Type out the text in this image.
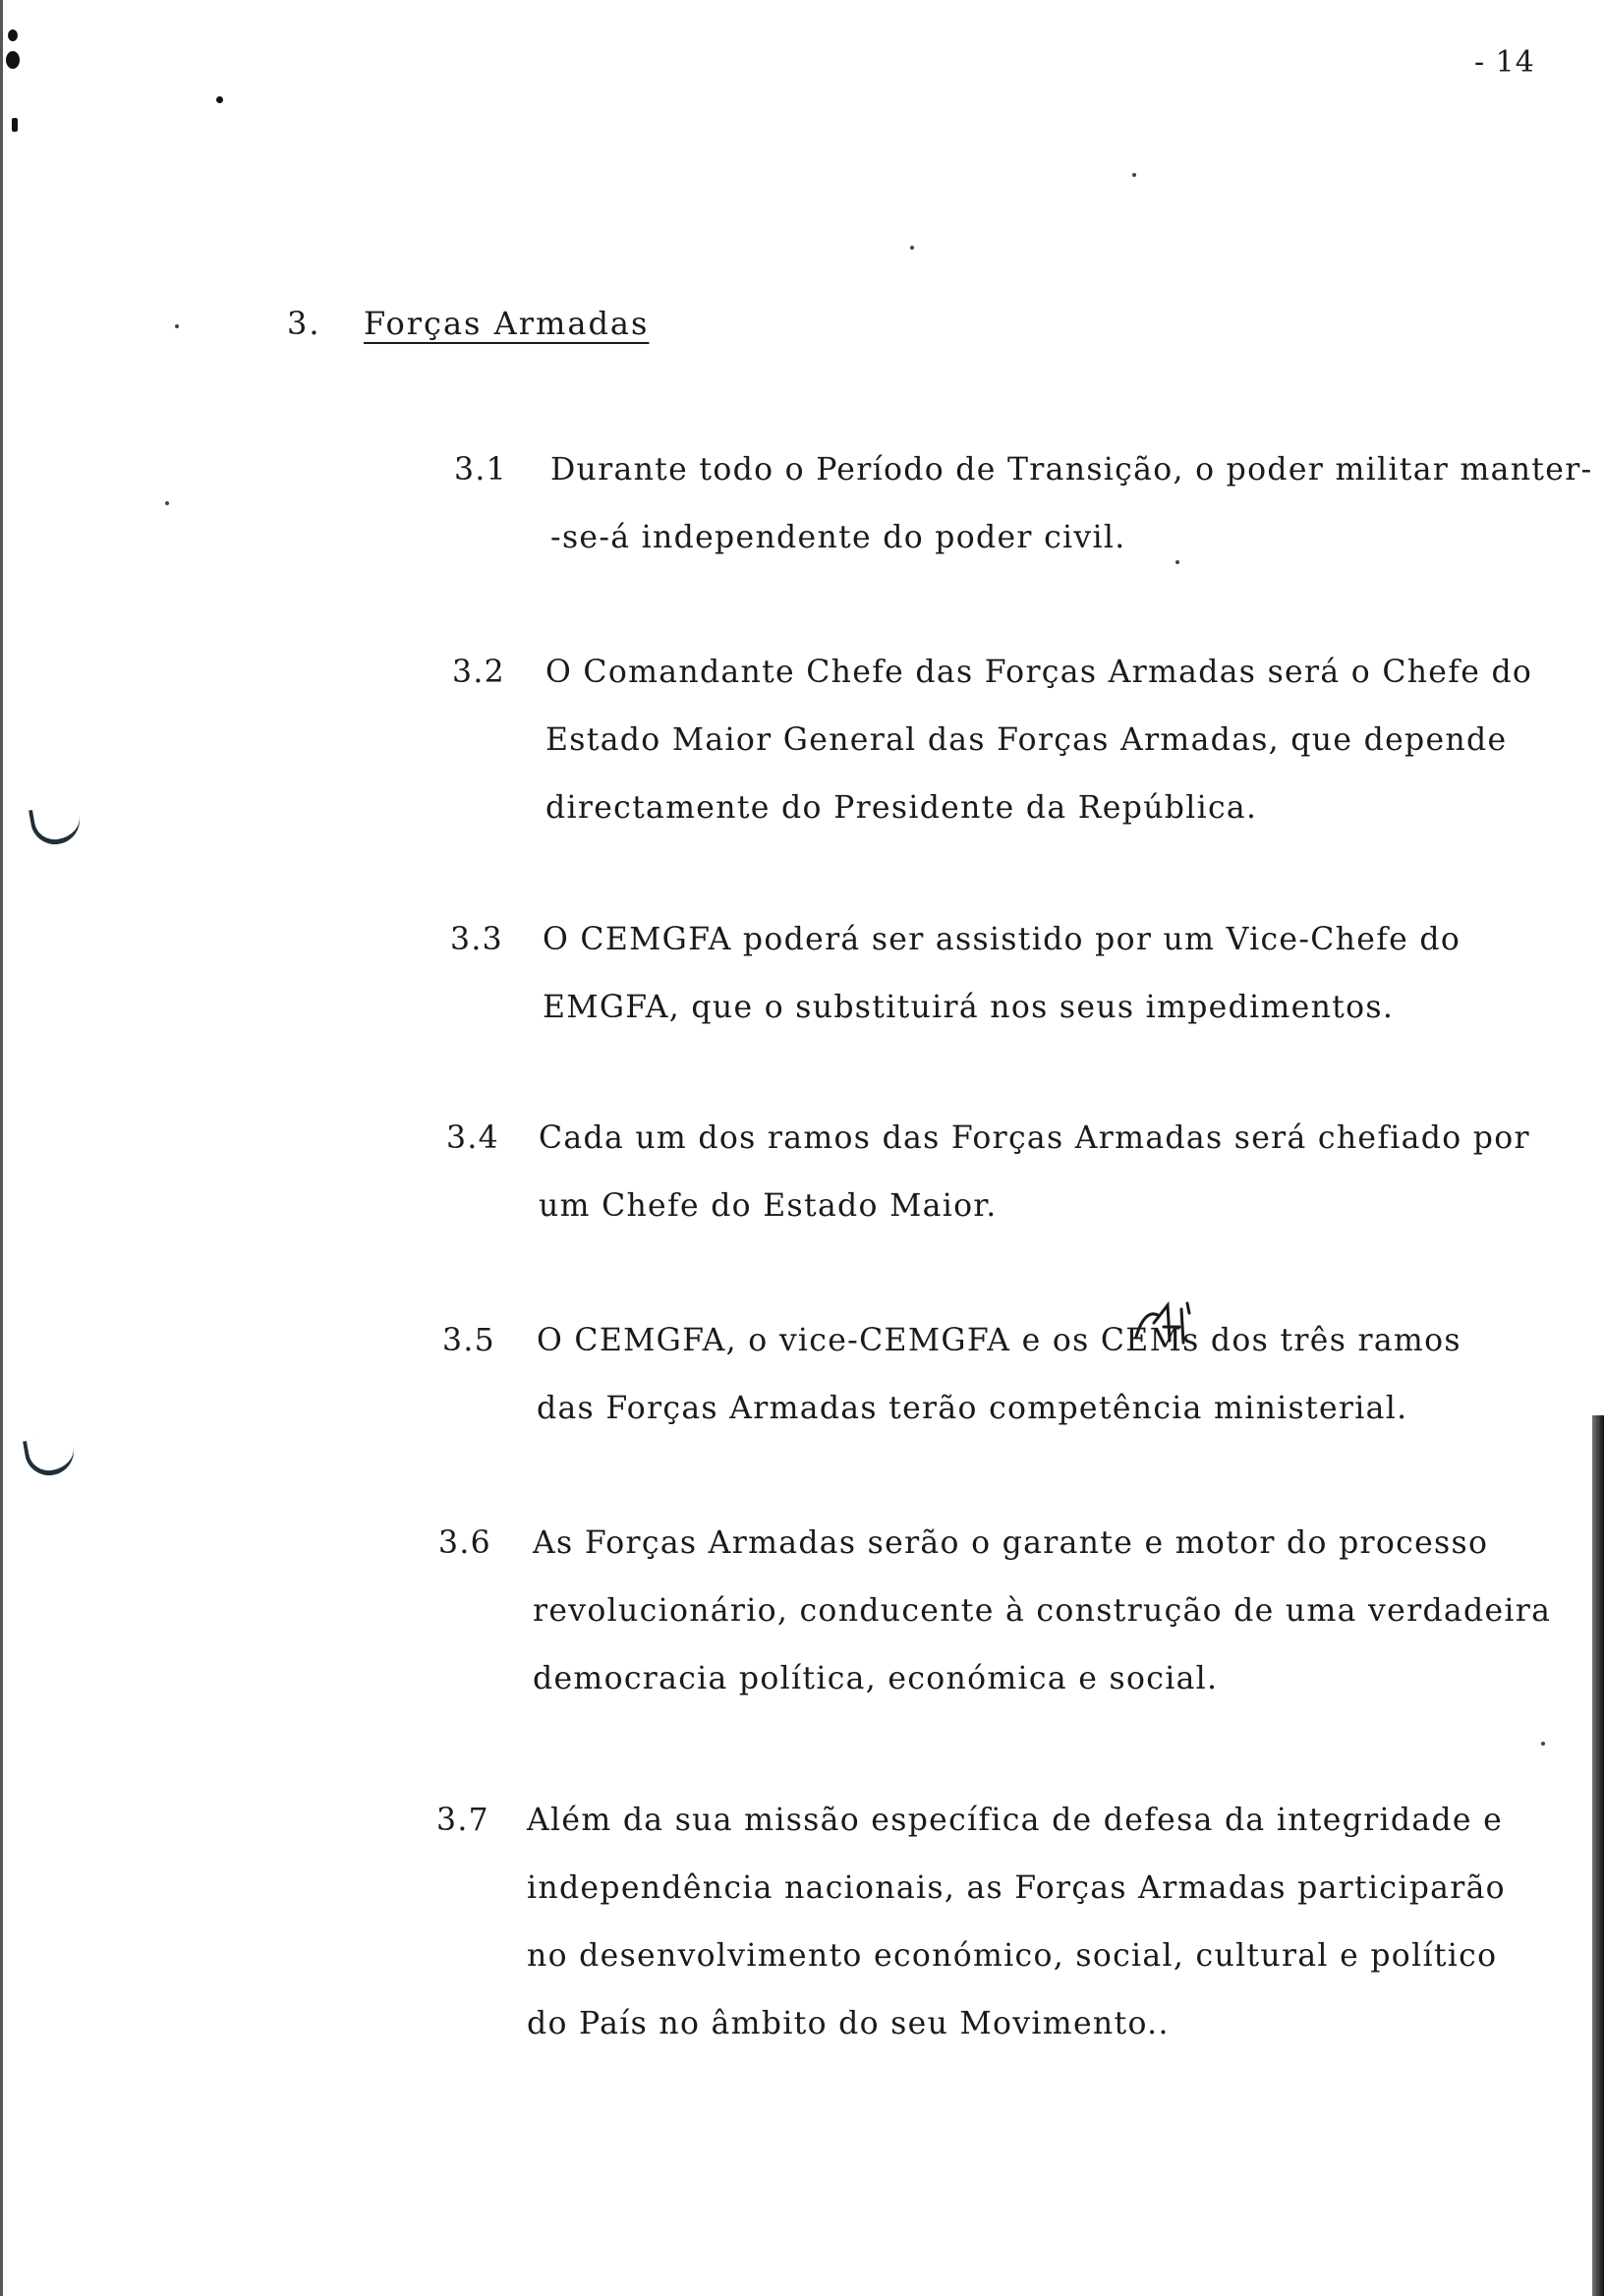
- 14
3. Forças Armadas
3.1 Durante todo o Período de Transição, o poder militar manter-
-se-á independente do poder civil.
3.2 O Comandante Chefe das Forças Armadas será o Chefe do
Estado Maior General das Forças Armadas, que depende
directamente do Presidente da República.
3.3 O CEMGFA poderá ser assistido por um Vice-Chefe do
EMGFA, que o substituirá nos seus impedimentos.
3.4 Cada um dos ramos das Forças Armadas será chefiado por
um Chefe do Estado Maior.
3.5 O CEMGFA, o vice-CEMGFA e os CEMs dos três ramos
das Forças Armadas terão competência ministerial.
3.6 As Forças Armadas serão o garante e motor do processo
revolucionário, conducente à construção de uma verdadeira
democracia política, económica e social.
3.7 Além da sua missão específica de defesa da integridade e
independência nacionais, as Forças Armadas participarão
no desenvolvimento económico, social, cultural e político
do País no âmbito do seu Movimento..
